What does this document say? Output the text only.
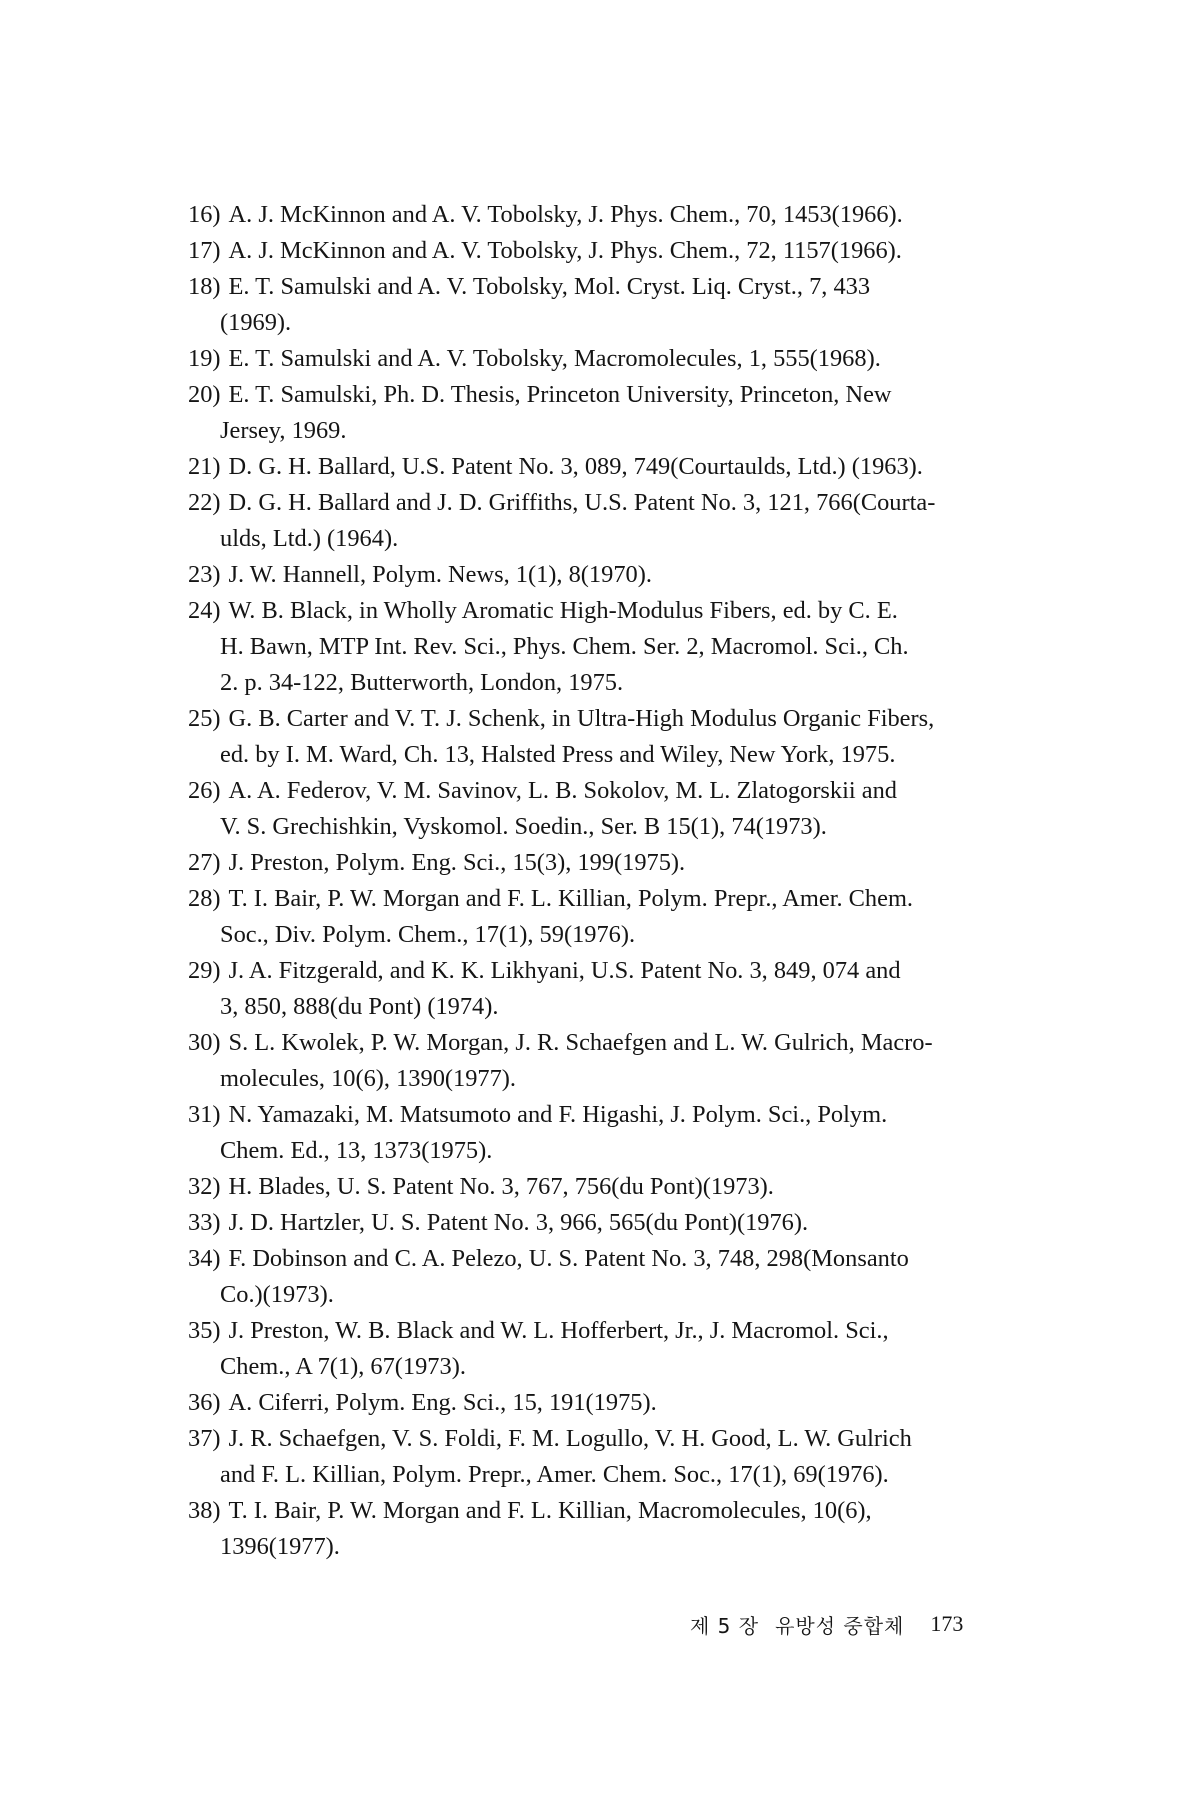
16) A. J. McKinnon and A. V. Tobolsky, J. Phys. Chem., 70, 1453(1966).
17) A. J. McKinnon and A. V. Tobolsky, J. Phys. Chem., 72, 1157(1966).
18) E. T. Samulski and A. V. Tobolsky, Mol. Cryst. Liq. Cryst., 7, 433
(1969).
19) E. T. Samulski and A. V. Tobolsky, Macromolecules, 1, 555(1968).
20) E. T. Samulski, Ph. D. Thesis, Princeton University, Princeton, New
Jersey, 1969.
21) D. G. H. Ballard, U.S. Patent No. 3, 089, 749(Courtaulds, Ltd.) (1963).
22) D. G. H. Ballard and J. D. Griffiths, U.S. Patent No. 3, 121, 766(Courta-
ulds, Ltd.) (1964).
23) J. W. Hannell, Polym. News, 1(1), 8(1970).
24) W. B. Black, in Wholly Aromatic High-Modulus Fibers, ed. by C. E.
H. Bawn, MTP Int. Rev. Sci., Phys. Chem. Ser. 2, Macromol. Sci., Ch.
2. p. 34-122, Butterworth, London, 1975.
25) G. B. Carter and V. T. J. Schenk, in Ultra-High Modulus Organic Fibers,
ed. by I. M. Ward, Ch. 13, Halsted Press and Wiley, New York, 1975.
26) A. A. Federov, V. M. Savinov, L. B. Sokolov, M. L. Zlatogorskii and
V. S. Grechishkin, Vyskomol. Soedin., Ser. B 15(1), 74(1973).
27) J. Preston, Polym. Eng. Sci., 15(3), 199(1975).
28) T. I. Bair, P. W. Morgan and F. L. Killian, Polym. Prepr., Amer. Chem.
Soc., Div. Polym. Chem., 17(1), 59(1976).
29) J. A. Fitzgerald, and K. K. Likhyani, U.S. Patent No. 3, 849, 074 and
3, 850, 888(du Pont) (1974).
30) S. L. Kwolek, P. W. Morgan, J. R. Schaefgen and L. W. Gulrich, Macro-
molecules, 10(6), 1390(1977).
31) N. Yamazaki, M. Matsumoto and F. Higashi, J. Polym. Sci., Polym.
Chem. Ed., 13, 1373(1975).
32) H. Blades, U. S. Patent No. 3, 767, 756(du Pont)(1973).
33) J. D. Hartzler, U. S. Patent No. 3, 966, 565(du Pont)(1976).
34) F. Dobinson and C. A. Pelezo, U. S. Patent No. 3, 748, 298(Monsanto
Co.)(1973).
35) J. Preston, W. B. Black and W. L. Hofferbert, Jr., J. Macromol. Sci.,
Chem., A 7(1), 67(1973).
36) A. Ciferri, Polym. Eng. Sci., 15, 191(1975).
37) J. R. Schaefgen, V. S. Foldi, F. M. Logullo, V. H. Good, L. W. Gulrich
and F. L. Killian, Polym. Prepr., Amer. Chem. Soc., 17(1), 69(1976).
38) T. I. Bair, P. W. Morgan and F. L. Killian, Macromolecules, 10(6),
1396(1977).
제 5 장 유방성 중합체 173
